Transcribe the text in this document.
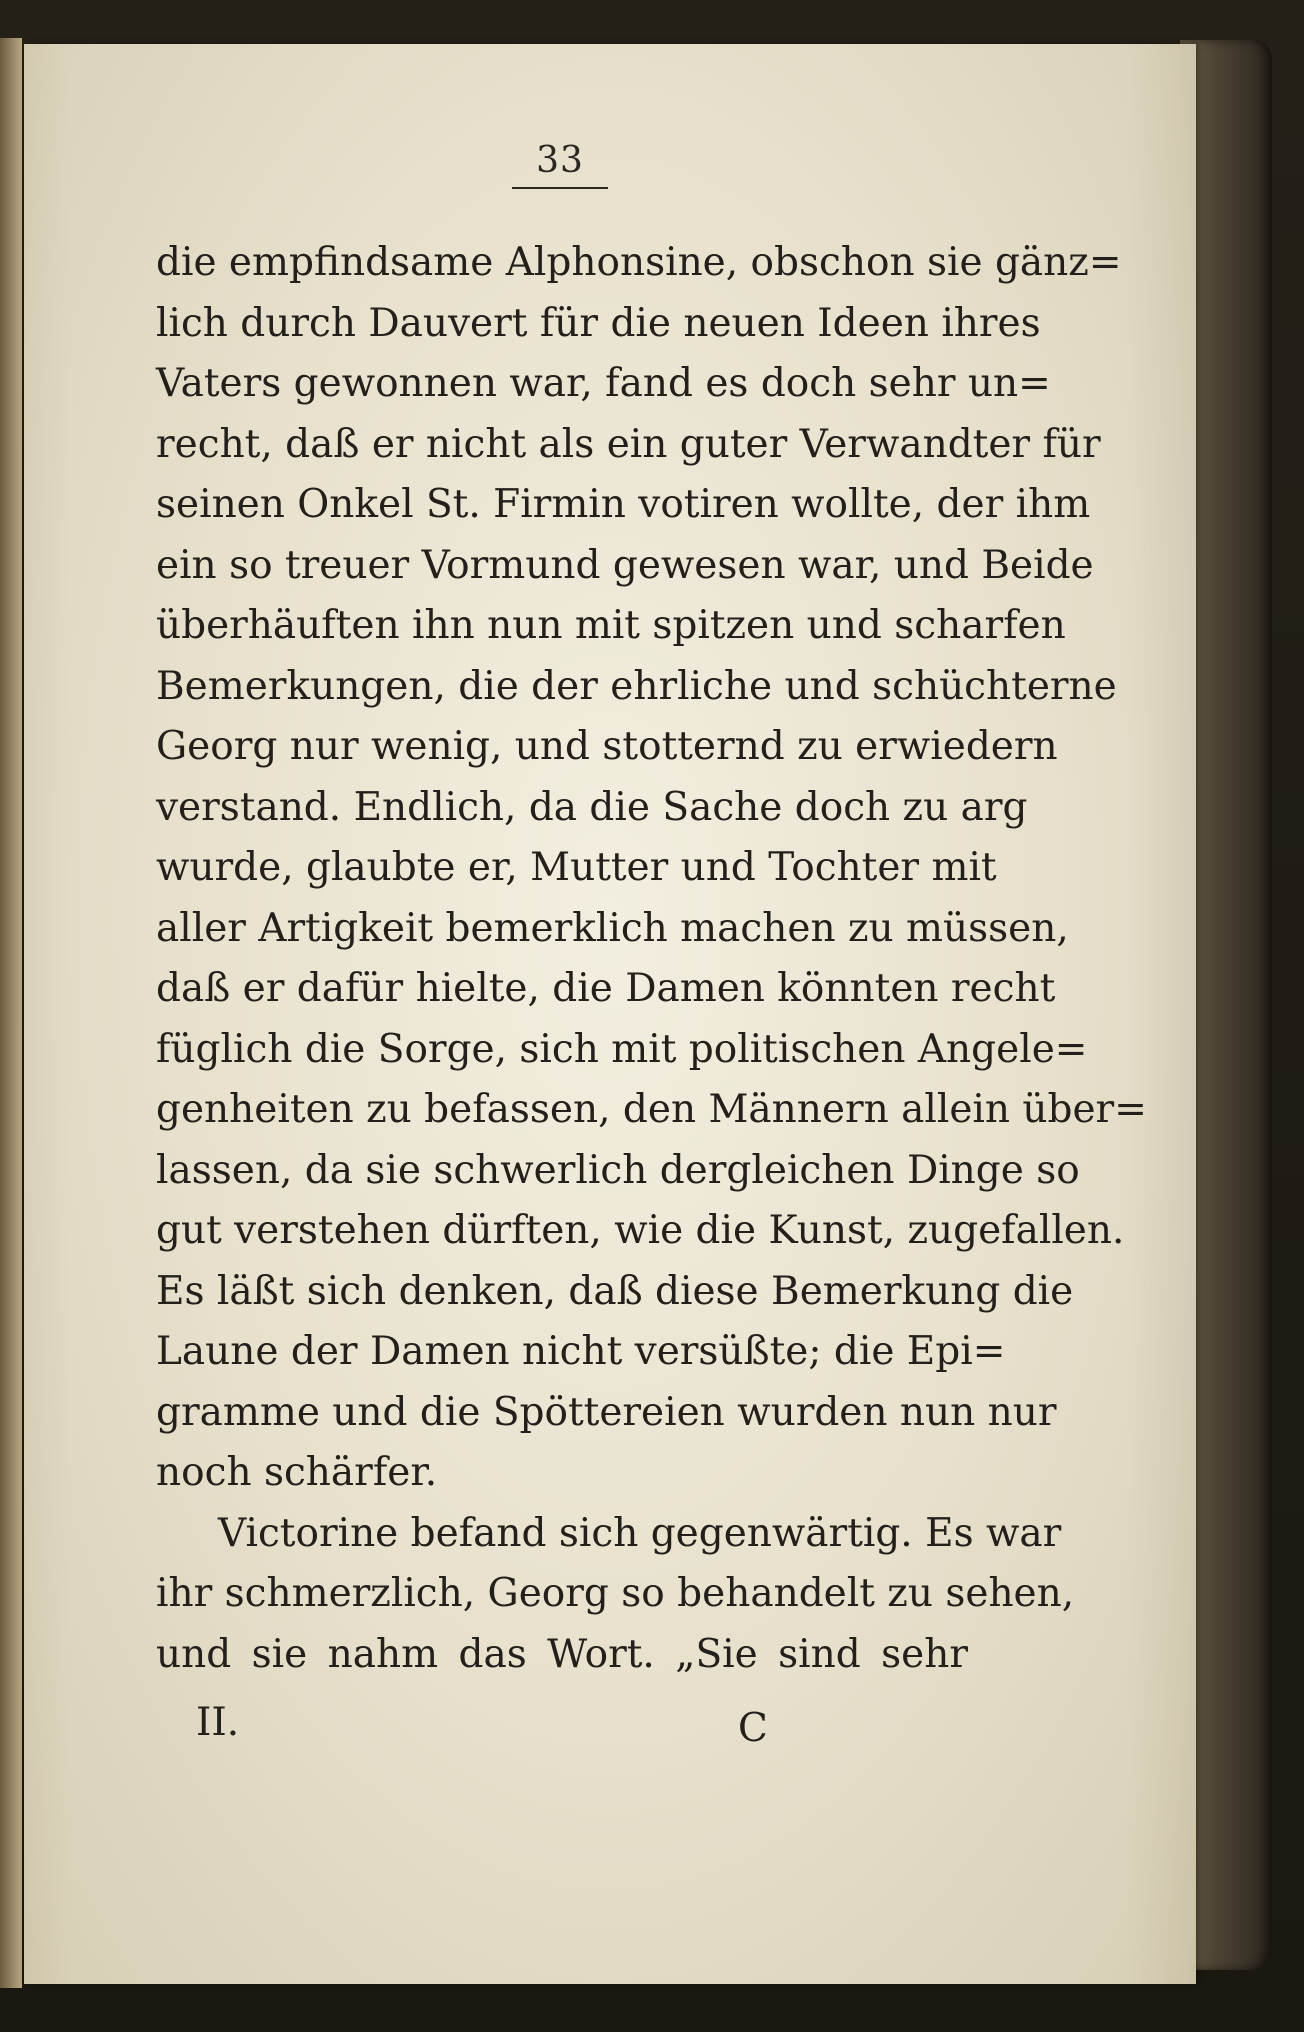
33
die empfindsame Alphonsine, obschon sie gänz=
lich durch Dauvert für die neuen Ideen ihres
Vaters gewonnen war, fand es doch sehr un=
recht, daß er nicht als ein guter Verwandter für
seinen Onkel St. Firmin votiren wollte, der ihm
ein so treuer Vormund gewesen war, und Beide
überhäuften ihn nun mit spitzen und scharfen
Bemerkungen, die der ehrliche und schüchterne
Georg nur wenig, und stotternd zu erwiedern
verstand. Endlich, da die Sache doch zu arg
wurde, glaubte er, Mutter und Tochter mit
aller Artigkeit bemerklich machen zu müssen,
daß er dafür hielte, die Damen könnten recht
füglich die Sorge, sich mit politischen Angele=
genheiten zu befassen, den Männern allein über=
lassen, da sie schwerlich dergleichen Dinge so
gut verstehen dürften, wie die Kunst, zugefallen.
Es läßt sich denken, daß diese Bemerkung die
Laune der Damen nicht versüßte; die Epi=
gramme und die Spöttereien wurden nun nur
noch schärfer.
Victorine befand sich gegenwärtig. Es war
ihr schmerzlich, Georg so behandelt zu sehen,
und sie nahm das Wort. „Sie sind sehr
II.	C
